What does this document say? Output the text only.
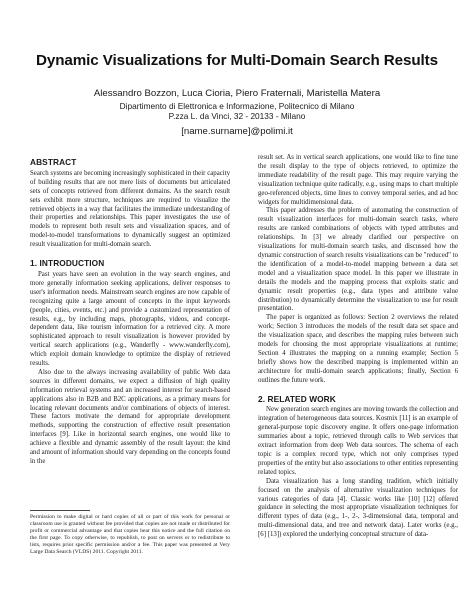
Dynamic Visualizations for Multi-Domain Search Results
Alessandro Bozzon, Luca Cioria, Piero Fraternali, Maristella Matera
Dipartimento di Elettronica e Informazione, Politecnico di Milano
P.zza L. da Vinci, 32 - 20133 - Milano
[name.surname]@polimi.it
ABSTRACT

Search systems are becoming increasingly sophisticated in their capacity of building results that are not mere lists of documents but articulated sets of concepts retrieved from different domains. As the search result sets exhibit more structure, techniques are required to visualize the retrieved objects in a way that facilitates the immediate understanding of their properties and relationships. This paper investigates the use of models to represent both result sets and visualization spaces, and of model-to-model transformations to dynamically suggest an optimized result visualization for multi-domain search.

1. INTRODUCTION

Past years have seen an evolution in the way search engines, and more generally information seeking applications, deliver responses to user's information needs. Mainstream search engines are now capable of recognizing quite a large amount of concepts in the input keywords (people, cities, events, etc.) and provide a customized representation of results, e.g., by including maps, photographs, videos, and concept-dependent data, like tourism information for a retrieved city. A more sophisticated approach to result visualization is however provided by vertical search applications (e.g., Wanderfly - www.wanderfly.com), which exploit domain knowledge to optimize the display of retrieved results.

Also due to the always increasing availability of public Web data sources in different domains, we expect a diffusion of high quality information retrieval systems and an increased interest for search-based applications also in B2B and B2C applications, as a primary means for locating relevant documents and/or combinations of objects of interest. These factors motivate the demand for appropriate development methods, supporting the construction of effective result presentation interfaces [9]. Like in horizontal search engines, one would like to achieve a flexible and dynamic assembly of the result layout: the kind and amount of information should vary depending on the concepts found in the

Permission to make digital or hard copies of all or part of this work for personal or classroom use is granted without fee provided that copies are not made or distributed for profit or commercial advantage and that copies bear this notice and the full citation on the first page. To copy otherwise, to republish, to post on servers or to redistribute to lists, requires prior specific permission and/or a fee. This paper was presented at Very Large Data Search (VLDS) 2011. Copyright 2011.

result set. As in vertical search applications, one would like to fine tune the result display to the type of objects retrieved, to optimize the immediate readability of the result page. This may require varying the visualization technique quite radically, e.g., using maps to chart multiple geo-referenced objects, time lines to convey temporal series, and ad hoc widgets for multidimensional data.

This paper addresses the problem of automating the construction of result visualization interfaces for multi-domain search tasks, where results are ranked combinations of objects with typed attributes and relationships. In [3] we already clarified our perspective on visualizations for multi-domain search tasks, and discussed how the dynamic construction of search results visualizations can be "reduced" to the identification of a model-to-model mapping between a data set model and a visualization space model. In this paper we illustrate in details the models and the mapping process that exploits static and dynamic result properties (e.g., data types and attribute value distribution) to dynamically determine the visualization to use for result presentation.

The paper is organized as follows: Section 2 overviews the related work; Section 3 introduces the models of the result data set space and the visualization space, and describes the mapping rules between such models for choosing the most appropriate visualizations at runtime; Section 4 illustrates the mapping on a running example; Section 5 briefly shows how the described mapping is implemented within an architecture for multi-domain search applications; finally, Section 6 outlines the future work.

2. RELATED WORK

New generation search engines are moving towards the collection and integration of heterogeneous data sources. Kosmix [11] is an example of general-purpose topic discovery engine. It offers one-page information summaries about a topic, retrieved through calls to Web services that extract information from deep Web data sources. The schema of each topic is a complex record type, which not only comprises typed properties of the entity but also associations to other entities representing related topics.

Data visualization has a long standing tradition, which initially focused on the analysis of alternative visualization techniques for various categories of data [4]. Classic works like [10] [12] offered guidance in selecting the most appropriate visualization techniques for different types of data (e.g., 1-, 2-, 3-dimensional data, temporal and multi-dimensional data, and tree and network data). Later works (e.g., [6] [13]) explored the underlying conceptual structure of data-
